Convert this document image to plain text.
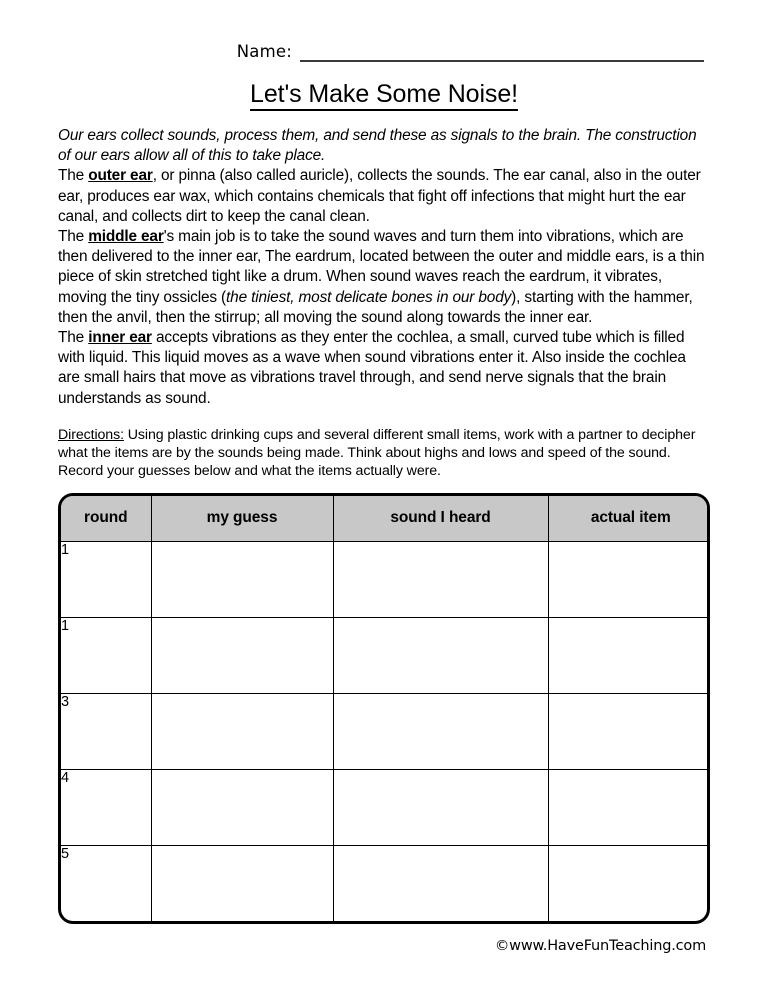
Name:
Let's Make Some Noise!

Our ears collect sounds, process them, and send these as signals to the brain. The construction of our ears allow all of this to take place.

The outer ear, or pinna (also called auricle), collects the sounds. The ear canal, also in the outer ear, produces ear wax, which contains chemicals that fight off infections that might hurt the ear canal, and collects dirt to keep the canal clean.

The middle ear's main job is to take the sound waves and turn them into vibrations, which are then delivered to the inner ear, The eardrum, located between the outer and middle ears, is a thin piece of skin stretched tight like a drum. When sound waves reach the eardrum, it vibrates, moving the tiny ossicles (the tiniest, most delicate bones in our body), starting with the hammer, then the anvil, then the stirrup; all moving the sound along towards the inner ear.

The inner ear accepts vibrations as they enter the cochlea, a small, curved tube which is filled with liquid. This liquid moves as a wave when sound vibrations enter it. Also inside the cochlea are small hairs that move as vibrations travel through, and send nerve signals that the brain understands as sound.

Directions: Using plastic drinking cups and several different small items, work with a partner to decipher what the items are by the sounds being made. Think about highs and lows and speed of the sound. Record your guesses below and what the items actually were.
round	my guess	sound I heard	actual item
1			
1			
3			
4			
5			
©www.HaveFunTeaching.com
